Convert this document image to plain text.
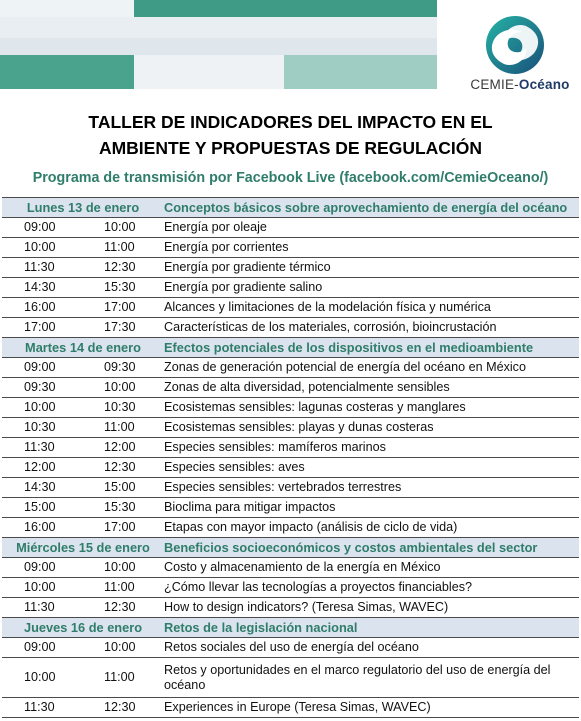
CEMIE-Océano
TALLER DE INDICADORES DEL IMPACTO EN EL
AMBIENTE Y PROPUESTAS DE REGULACIÓN
Programa de transmisión por Facebook Live (facebook.com/CemieOceano/)
Lunes 13 de enero	Conceptos básicos sobre aprovechamiento de energía del océano
09:00 10:00	Energía por oleaje
10:00 11:00	Energía por corrientes
11:30 12:30	Energía por gradiente térmico
14:30 15:30	Energía por gradiente salino
16:00 17:00	Alcances y limitaciones de la modelación física y numérica
17:00 17:30	Características de los materiales, corrosión, bioincrustación
Martes 14 de enero	Efectos potenciales de los dispositivos en el medioambiente
09:00 09:30	Zonas de generación potencial de energía del océano en México
09:30 10:00	Zonas de alta diversidad, potencialmente sensibles
10:00 10:30	Ecosistemas sensibles: lagunas costeras y manglares
10:30 11:00	Ecosistemas sensibles: playas y dunas costeras
11:30 12:00	Especies sensibles: mamíferos marinos
12:00 12:30	Especies sensibles: aves
14:30 15:00	Especies sensibles: vertebrados terrestres
15:00 15:30	Bioclima para mitigar impactos
16:00 17:00	Etapas con mayor impacto (análisis de ciclo de vida)
Miércoles 15 de enero	Beneficios socioeconómicos y costos ambientales del sector
09:00 10:00	Costo y almacenamiento de la energía en México
10:00 11:00	¿Cómo llevar las tecnologías a proyectos financiables?
11:30 12:30	How to design indicators? (Teresa Simas, WAVEC)
Jueves 16 de enero	Retos de la legislación nacional
09:00 10:00	Retos sociales del uso de energía del océano
10:00 11:00	Retos y oportunidades en el marco regulatorio del uso de energía del océano
11:30 12:30	Experiences in Europe (Teresa Simas, WAVEC)
